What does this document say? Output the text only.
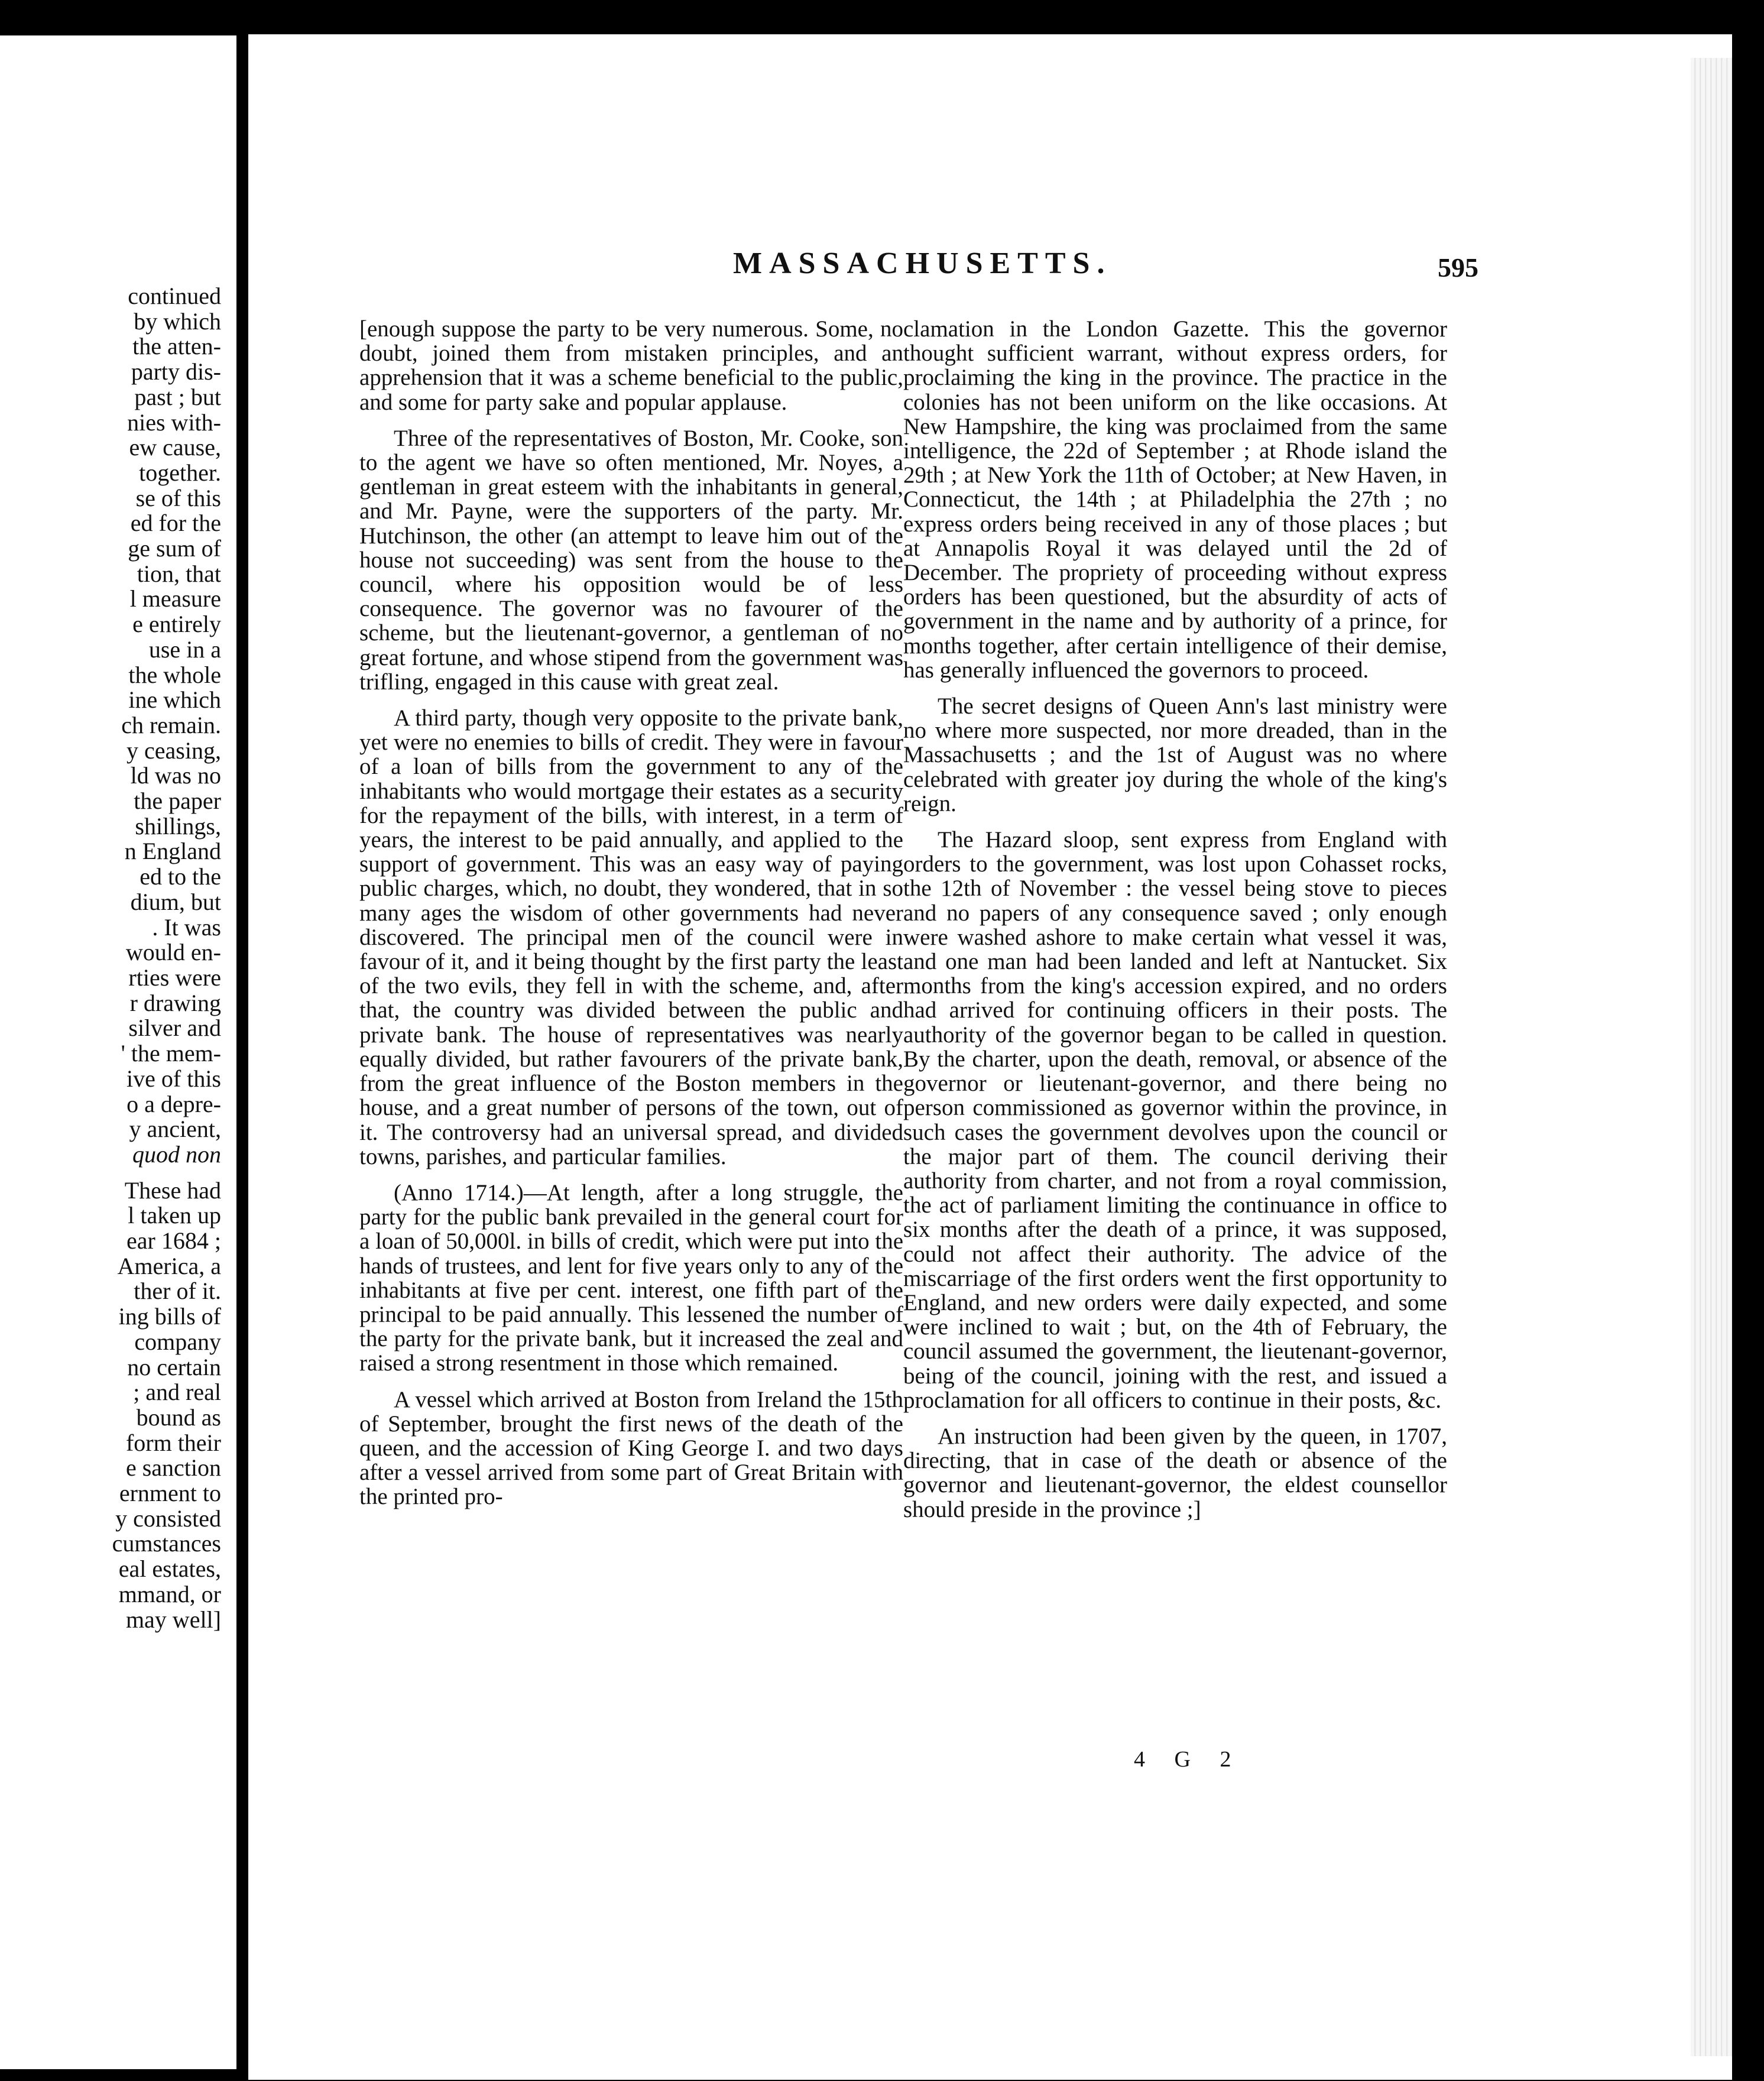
continued
by which
the atten-
party dis-
past ; but
nies with-
ew cause,
together.
se of this
ed for the
ge sum of
tion, that
l measure
e entirely
use in a
the whole
ine which
ch remain.
y ceasing,
ld was no
the paper
shillings,
n England
ed to the
dium, but
. It was
would en-
rties were
r drawing
silver and
' the mem-
ive of this
o a depre-
y ancient,
quod non
These had
l taken up
ear 1684 ;
America, a
ther of it.
ing bills of
company
no certain
; and real
bound as
form their
e sanction
ernment to
y consisted
cumstances
eal estates,
mmand, or
may well]
MASSACHUSETTS.	595

[enough suppose the party to be very numerous. Some, no doubt, joined them from mistaken principles, and an apprehension that it was a scheme beneficial to the public, and some for party sake and popular applause.

Three of the representatives of Boston, Mr. Cooke, son to the agent we have so often mentioned, Mr. Noyes, a gentleman in great esteem with the inhabitants in general, and Mr. Payne, were the supporters of the party. Mr. Hutchinson, the other (an attempt to leave him out of the house not succeeding) was sent from the house to the council, where his opposition would be of less consequence. The governor was no favourer of the scheme, but the lieutenant-governor, a gentleman of no great fortune, and whose stipend from the government was trifling, engaged in this cause with great zeal.

A third party, though very opposite to the private bank, yet were no enemies to bills of credit. They were in favour of a loan of bills from the government to any of the inhabitants who would mortgage their estates as a security for the repayment of the bills, with interest, in a term of years, the interest to be paid annually, and applied to the support of government. This was an easy way of paying public charges, which, no doubt, they wondered, that in so many ages the wisdom of other governments had never discovered. The principal men of the council were in favour of it, and it being thought by the first party the least of the two evils, they fell in with the scheme, and, after that, the country was divided between the public and private bank. The house of representatives was nearly equally divided, but rather favourers of the private bank, from the great influence of the Boston members in the house, and a great number of persons of the town, out of it. The controversy had an universal spread, and divided towns, parishes, and particular families.

(Anno 1714.)—At length, after a long struggle, the party for the public bank prevailed in the general court for a loan of 50,000l. in bills of credit, which were put into the hands of trustees, and lent for five years only to any of the inhabitants at five per cent. interest, one fifth part of the principal to be paid annually. This lessened the number of the party for the private bank, but it increased the zeal and raised a strong resentment in those which remained.

A vessel which arrived at Boston from Ireland the 15th of September, brought the first news of the death of the queen, and the accession of King George I. and two days after a vessel arrived from some part of Great Britain with the printed pro-

clamation in the London Gazette. This the governor thought sufficient warrant, without express orders, for proclaiming the king in the province. The practice in the colonies has not been uniform on the like occasions. At New Hampshire, the king was proclaimed from the same intelligence, the 22d of September ; at Rhode island the 29th ; at New York the 11th of October; at New Haven, in Connecticut, the 14th ; at Philadelphia the 27th ; no express orders being received in any of those places ; but at Annapolis Royal it was delayed until the 2d of December. The propriety of proceeding without express orders has been questioned, but the absurdity of acts of government in the name and by authority of a prince, for months together, after certain intelligence of their demise, has generally influenced the governors to proceed.

The secret designs of Queen Ann's last ministry were no where more suspected, nor more dreaded, than in the Massachusetts ; and the 1st of August was no where celebrated with greater joy during the whole of the king's reign.

The Hazard sloop, sent express from England with orders to the government, was lost upon Cohasset rocks, the 12th of November : the vessel being stove to pieces and no papers of any consequence saved ; only enough were washed ashore to make certain what vessel it was, and one man had been landed and left at Nantucket. Six months from the king's accession expired, and no orders had arrived for continuing officers in their posts. The authority of the governor began to be called in question. By the charter, upon the death, removal, or absence of the governor or lieutenant-governor, and there being no person commissioned as governor within the province, in such cases the government devolves upon the council or the major part of them. The council deriving their authority from charter, and not from a royal commission, the act of parliament limiting the continuance in office to six months after the death of a prince, it was supposed, could not affect their authority. The advice of the miscarriage of the first orders went the first opportunity to England, and new orders were daily expected, and some were inclined to wait ; but, on the 4th of February, the council assumed the government, the lieutenant-governor, being of the council, joining with the rest, and issued a proclamation for all officers to continue in their posts, &c.

An instruction had been given by the queen, in 1707, directing, that in case of the death or absence of the governor and lieutenant-governor, the eldest counsellor should preside in the province ;]

4 G 2
